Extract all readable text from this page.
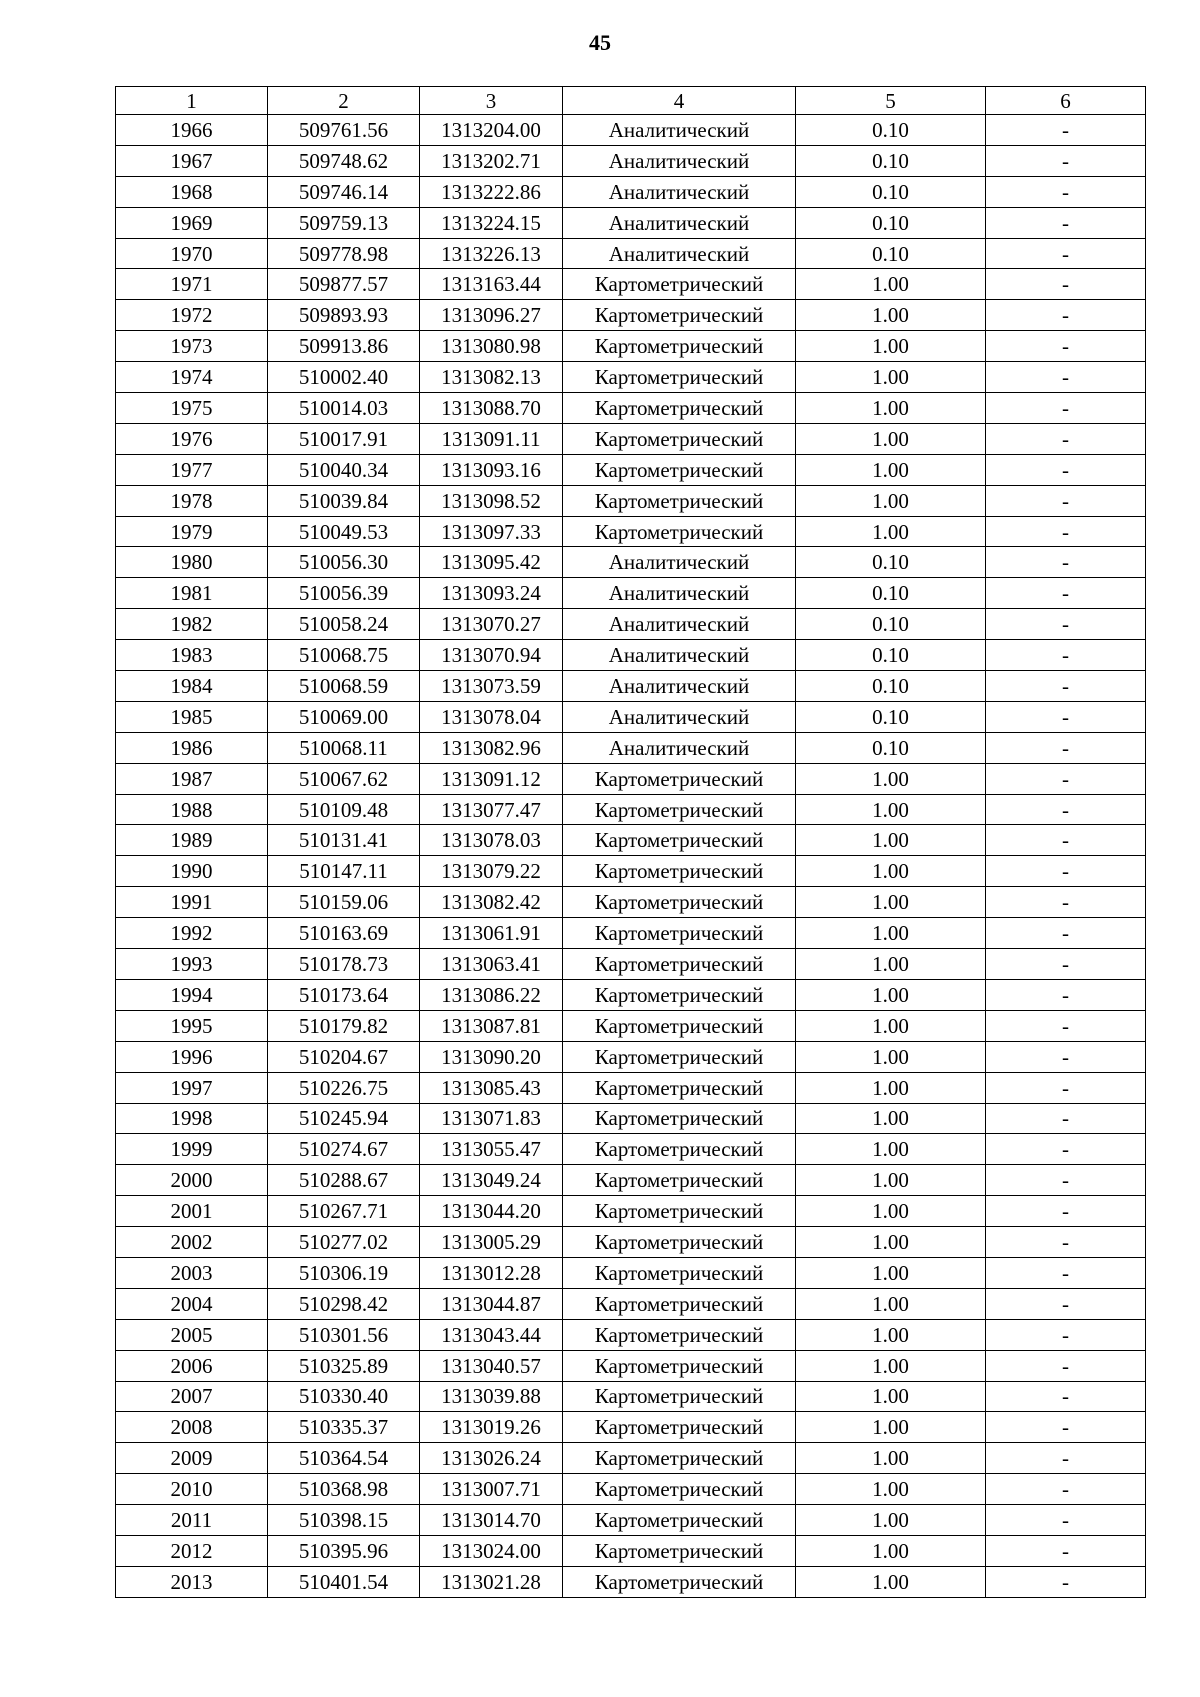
45
1	2	3	4	5	6
1966	509761.56	1313204.00	Аналитический	0.10	-
1967	509748.62	1313202.71	Аналитический	0.10	-
1968	509746.14	1313222.86	Аналитический	0.10	-
1969	509759.13	1313224.15	Аналитический	0.10	-
1970	509778.98	1313226.13	Аналитический	0.10	-
1971	509877.57	1313163.44	Картометрический	1.00	-
1972	509893.93	1313096.27	Картометрический	1.00	-
1973	509913.86	1313080.98	Картометрический	1.00	-
1974	510002.40	1313082.13	Картометрический	1.00	-
1975	510014.03	1313088.70	Картометрический	1.00	-
1976	510017.91	1313091.11	Картометрический	1.00	-
1977	510040.34	1313093.16	Картометрический	1.00	-
1978	510039.84	1313098.52	Картометрический	1.00	-
1979	510049.53	1313097.33	Картометрический	1.00	-
1980	510056.30	1313095.42	Аналитический	0.10	-
1981	510056.39	1313093.24	Аналитический	0.10	-
1982	510058.24	1313070.27	Аналитический	0.10	-
1983	510068.75	1313070.94	Аналитический	0.10	-
1984	510068.59	1313073.59	Аналитический	0.10	-
1985	510069.00	1313078.04	Аналитический	0.10	-
1986	510068.11	1313082.96	Аналитический	0.10	-
1987	510067.62	1313091.12	Картометрический	1.00	-
1988	510109.48	1313077.47	Картометрический	1.00	-
1989	510131.41	1313078.03	Картометрический	1.00	-
1990	510147.11	1313079.22	Картометрический	1.00	-
1991	510159.06	1313082.42	Картометрический	1.00	-
1992	510163.69	1313061.91	Картометрический	1.00	-
1993	510178.73	1313063.41	Картометрический	1.00	-
1994	510173.64	1313086.22	Картометрический	1.00	-
1995	510179.82	1313087.81	Картометрический	1.00	-
1996	510204.67	1313090.20	Картометрический	1.00	-
1997	510226.75	1313085.43	Картометрический	1.00	-
1998	510245.94	1313071.83	Картометрический	1.00	-
1999	510274.67	1313055.47	Картометрический	1.00	-
2000	510288.67	1313049.24	Картометрический	1.00	-
2001	510267.71	1313044.20	Картометрический	1.00	-
2002	510277.02	1313005.29	Картометрический	1.00	-
2003	510306.19	1313012.28	Картометрический	1.00	-
2004	510298.42	1313044.87	Картометрический	1.00	-
2005	510301.56	1313043.44	Картометрический	1.00	-
2006	510325.89	1313040.57	Картометрический	1.00	-
2007	510330.40	1313039.88	Картометрический	1.00	-
2008	510335.37	1313019.26	Картометрический	1.00	-
2009	510364.54	1313026.24	Картометрический	1.00	-
2010	510368.98	1313007.71	Картометрический	1.00	-
2011	510398.15	1313014.70	Картометрический	1.00	-
2012	510395.96	1313024.00	Картометрический	1.00	-
2013	510401.54	1313021.28	Картометрический	1.00	-
